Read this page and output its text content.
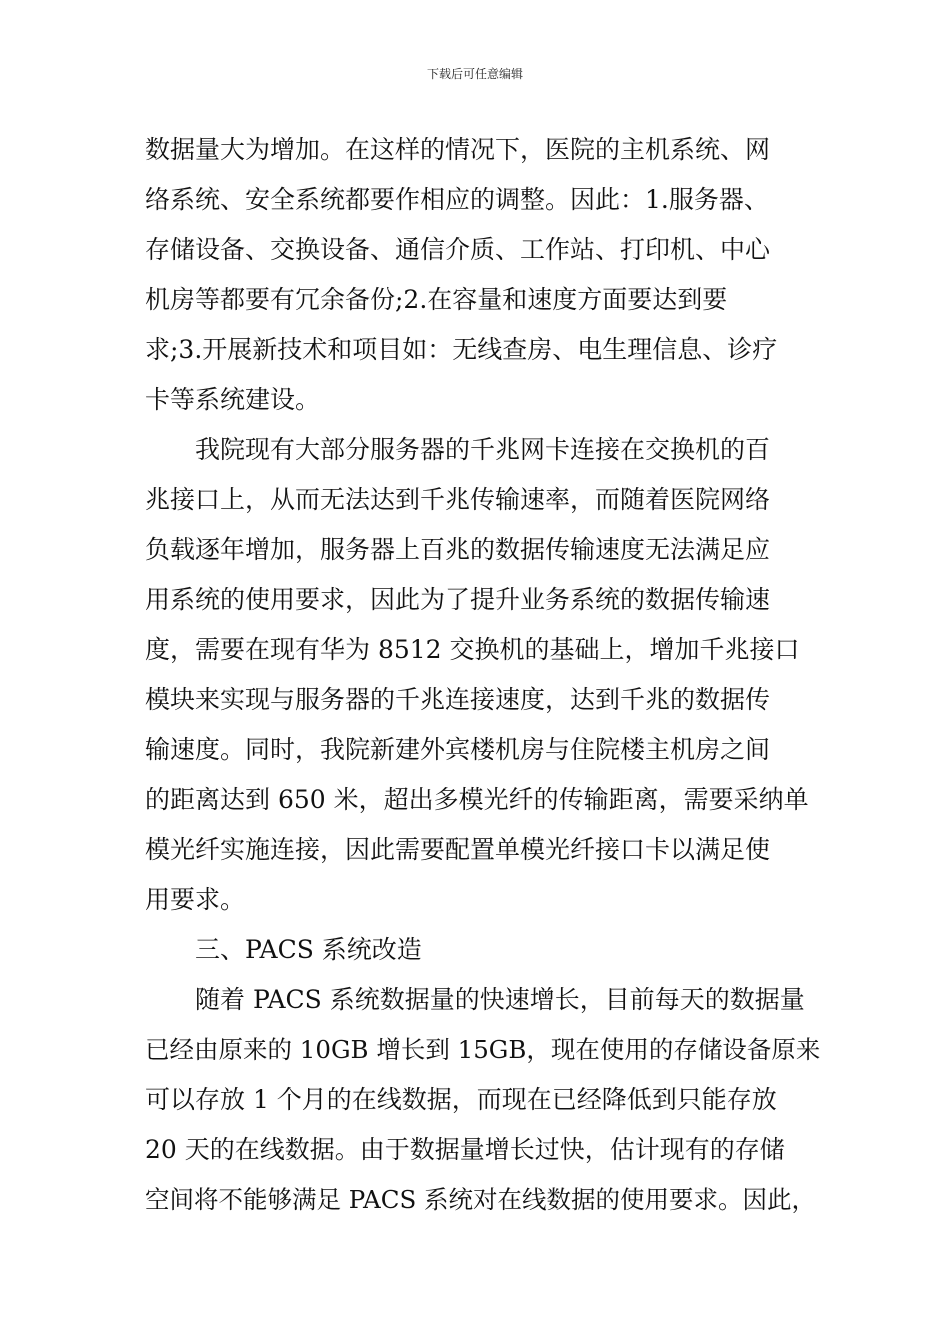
下载后可任意编辑
数据量大为增加。在这样的情况下，医院的主机系统、网
络系统、安全系统都要作相应的调整。因此：1.服务器、
存储设备、交换设备、通信介质、工作站、打印机、中心
机房等都要有冗余备份;2.在容量和速度方面要达到要
求;3.开展新技术和项目如：无线查房、电生理信息、诊疗
卡等系统建设。
我院现有大部分服务器的千兆网卡连接在交换机的百
兆接口上，从而无法达到千兆传输速率，而随着医院网络
负载逐年增加，服务器上百兆的数据传输速度无法满足应
用系统的使用要求，因此为了提升业务系统的数据传输速
度，需要在现有华为 8512 交换机的基础上，增加千兆接口
模块来实现与服务器的千兆连接速度，达到千兆的数据传
输速度。同时，我院新建外宾楼机房与住院楼主机房之间
的距离达到 650 米，超出多模光纤的传输距离，需要采纳单
模光纤实施连接，因此需要配置单模光纤接口卡以满足使
用要求。
三、PACS 系统改造
随着 PACS 系统数据量的快速增长，目前每天的数据量
已经由原来的 10GB 增长到 15GB，现在使用的存储设备原来
可以存放 1 个月的在线数据，而现在已经降低到只能存放
20 天的在线数据。由于数据量增长过快，估计现有的存储
空间将不能够满足 PACS 系统对在线数据的使用要求。因此，
